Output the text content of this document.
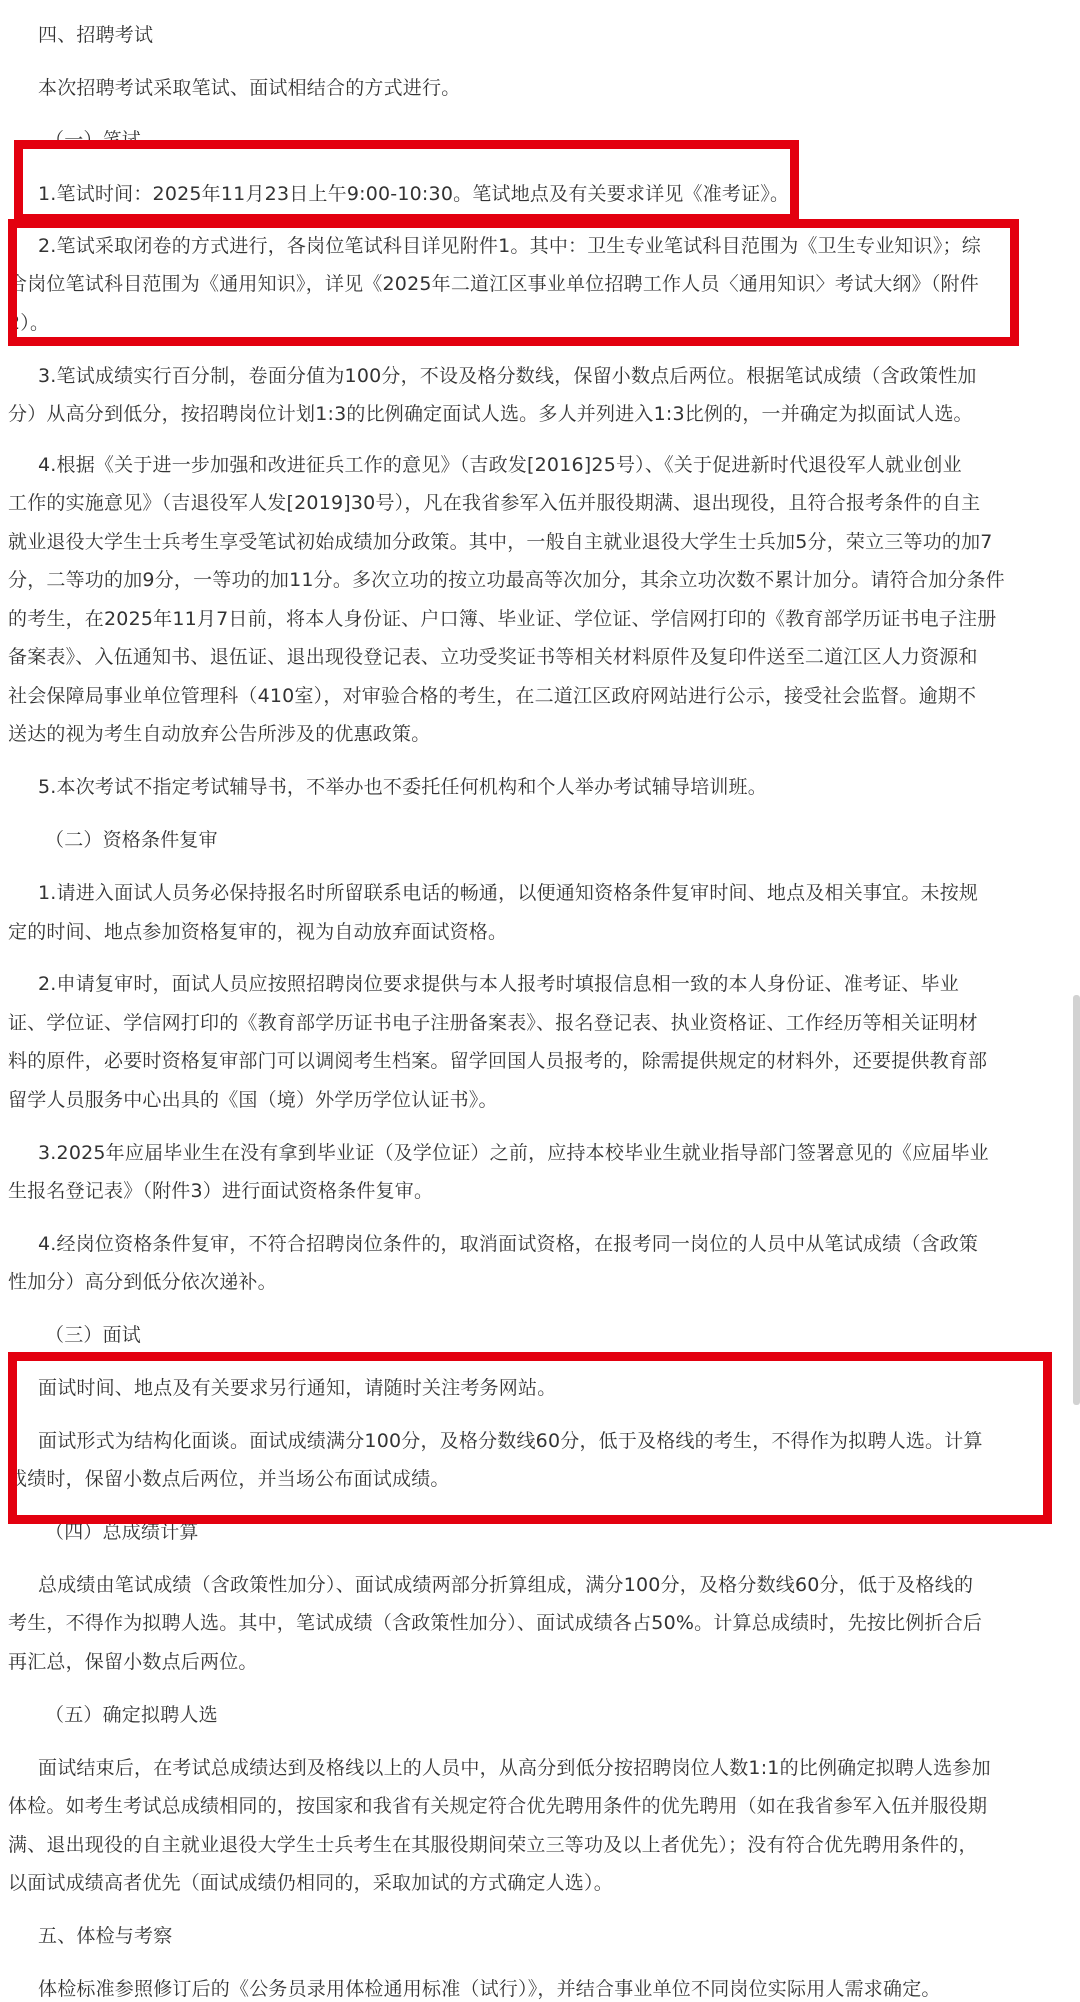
四、招聘考试
本次招聘考试采取笔试、面试相结合的方式进行。
（一）笔试
1.笔试时间：2025年11月23日上午9:00-10:30。笔试地点及有关要求详见《准考证》。
2.笔试采取闭卷的方式进行，各岗位笔试科目详见附件1。其中：卫生专业笔试科目范围为《卫生专业知识》；综
合岗位笔试科目范围为《通用知识》，详见《2025年二道江区事业单位招聘工作人员〈通用知识〉考试大纲》（附件
2）。
3.笔试成绩实行百分制，卷面分值为100分，不设及格分数线，保留小数点后两位。根据笔试成绩（含政策性加
分）从高分到低分，按招聘岗位计划1:3的比例确定面试人选。多人并列进入1:3比例的，一并确定为拟面试人选。
4.根据《关于进一步加强和改进征兵工作的意见》（吉政发[2016]25号）、《关于促进新时代退役军人就业创业
工作的实施意见》（吉退役军人发[2019]30号），凡在我省参军入伍并服役期满、退出现役，且符合报考条件的自主
就业退役大学生士兵考生享受笔试初始成绩加分政策。其中，一般自主就业退役大学生士兵加5分，荣立三等功的加7
分，二等功的加9分，一等功的加11分。多次立功的按立功最高等次加分，其余立功次数不累计加分。请符合加分条件
的考生，在2025年11月7日前，将本人身份证、户口簿、毕业证、学位证、学信网打印的《教育部学历证书电子注册
备案表》、入伍通知书、退伍证、退出现役登记表、立功受奖证书等相关材料原件及复印件送至二道江区人力资源和
社会保障局事业单位管理科（410室），对审验合格的考生，在二道江区政府网站进行公示，接受社会监督。逾期不
送达的视为考生自动放弃公告所涉及的优惠政策。
5.本次考试不指定考试辅导书，不举办也不委托任何机构和个人举办考试辅导培训班。
（二）资格条件复审
1.请进入面试人员务必保持报名时所留联系电话的畅通，以便通知资格条件复审时间、地点及相关事宜。未按规
定的时间、地点参加资格复审的，视为自动放弃面试资格。
2.申请复审时，面试人员应按照招聘岗位要求提供与本人报考时填报信息相一致的本人身份证、准考证、毕业
证、学位证、学信网打印的《教育部学历证书电子注册备案表》、报名登记表、执业资格证、工作经历等相关证明材
料的原件，必要时资格复审部门可以调阅考生档案。留学回国人员报考的，除需提供规定的材料外，还要提供教育部
留学人员服务中心出具的《国（境）外学历学位认证书》。
3.2025年应届毕业生在没有拿到毕业证（及学位证）之前，应持本校毕业生就业指导部门签署意见的《应届毕业
生报名登记表》（附件3）进行面试资格条件复审。
4.经岗位资格条件复审，不符合招聘岗位条件的，取消面试资格，在报考同一岗位的人员中从笔试成绩（含政策
性加分）高分到低分依次递补。
（三）面试
面试时间、地点及有关要求另行通知，请随时关注考务网站。
面试形式为结构化面谈。面试成绩满分100分，及格分数线60分，低于及格线的考生，不得作为拟聘人选。计算
成绩时，保留小数点后两位，并当场公布面试成绩。
（四）总成绩计算
总成绩由笔试成绩（含政策性加分）、面试成绩两部分折算组成，满分100分，及格分数线60分，低于及格线的
考生，不得作为拟聘人选。其中，笔试成绩（含政策性加分）、面试成绩各占50%。计算总成绩时，先按比例折合后
再汇总，保留小数点后两位。
（五）确定拟聘人选
面试结束后，在考试总成绩达到及格线以上的人员中，从高分到低分按招聘岗位人数1:1的比例确定拟聘人选参加
体检。如考生考试总成绩相同的，按国家和我省有关规定符合优先聘用条件的优先聘用（如在我省参军入伍并服役期
满、退出现役的自主就业退役大学生士兵考生在其服役期间荣立三等功及以上者优先）；没有符合优先聘用条件的，
以面试成绩高者优先（面试成绩仍相同的，采取加试的方式确定人选）。
五、体检与考察
体检标准参照修订后的《公务员录用体检通用标准（试行）》，并结合事业单位不同岗位实际用人需求确定。
